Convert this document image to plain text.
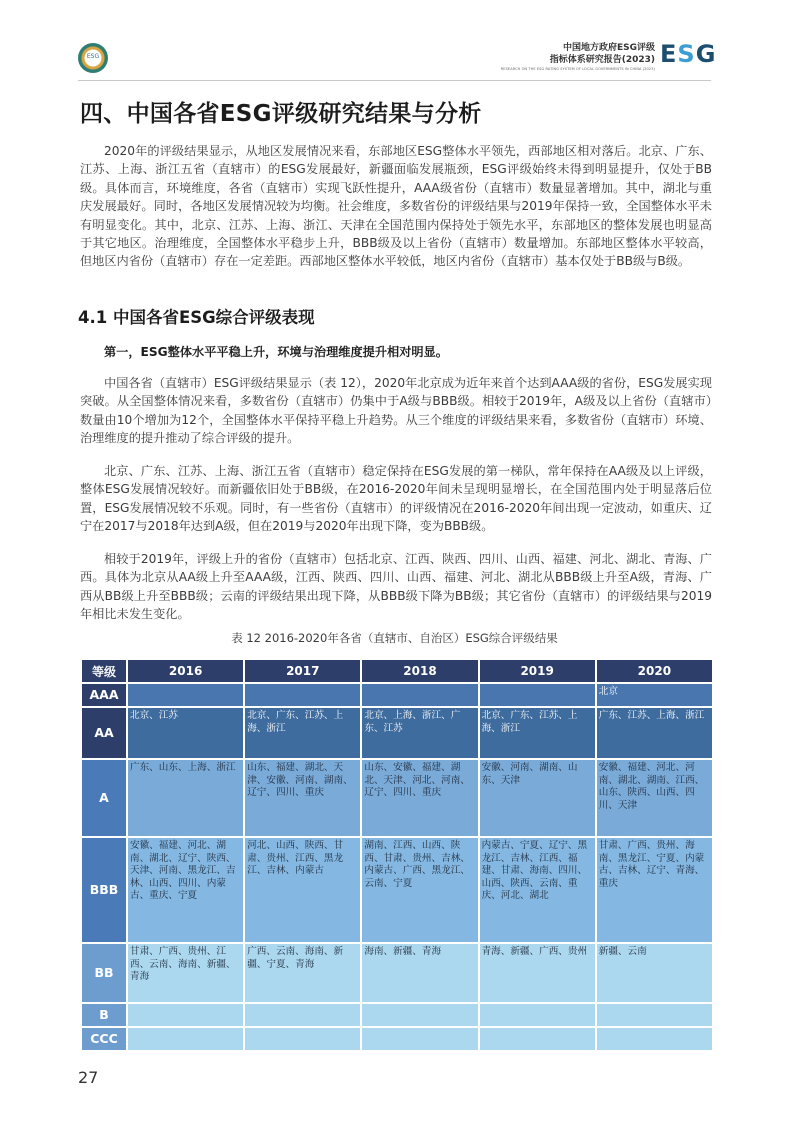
ESG
中国地方政府ESG评级
指标体系研究报告(2023)
RESEARCH ON THE ESG RATING SYSTEM OF LOCAL GOVERNMENTS IN CHINA (2023)
ESG
四、中国各省ESG评级研究结果与分析

2020年的评级结果显示，从地区发展情况来看，东部地区ESG整体水平领先，西部地区相对落后。北京、广东、江苏、上海、浙江五省（直辖市）的ESG发展最好，新疆面临发展瓶颈，ESG评级始终未得到明显提升，仅处于BB级。具体而言，环境维度，各省（直辖市）实现飞跃性提升，AAA级省份（直辖市）数量显著增加。其中，湖北与重庆发展最好。同时，各地区发展情况较为均衡。社会维度，多数省份的评级结果与2019年保持一致，全国整体水平未有明显变化。其中，北京、江苏、上海、浙江、天津在全国范围内保持处于领先水平，东部地区的整体发展也明显高于其它地区。治理维度，全国整体水平稳步上升，BBB级及以上省份（直辖市）数量增加。东部地区整体水平较高，但地区内省份（直辖市）存在一定差距。西部地区整体水平较低，地区内省份（直辖市）基本仅处于BB级与B级。

4.1 中国各省ESG综合评级表现

第一，ESG整体水平平稳上升，环境与治理维度提升相对明显。

中国各省（直辖市）ESG评级结果显示（表 12），2020年北京成为近年来首个达到AAA级的省份，ESG发展实现突破。从全国整体情况来看，多数省份（直辖市）仍集中于A级与BBB级。相较于2019年，A级及以上省份（直辖市）数量由10个增加为12个，全国整体水平保持平稳上升趋势。从三个维度的评级结果来看，多数省份（直辖市）环境、治理维度的提升推动了综合评级的提升。

北京、广东、江苏、上海、浙江五省（直辖市）稳定保持在ESG发展的第一梯队，常年保持在AA级及以上评级，整体ESG发展情况较好。而新疆依旧处于BB级，在2016-2020年间未呈现明显增长，在全国范围内处于明显落后位置，ESG发展情况较不乐观。同时，有一些省份（直辖市）的评级情况在2016-2020年间出现一定波动，如重庆、辽宁在2017与2018年达到A级，但在2019与2020年出现下降，变为BBB级。

相较于2019年，评级上升的省份（直辖市）包括北京、江西、陕西、四川、山西、福建、河北、湖北、青海、广西。具体为北京从AA级上升至AAA级，江西、陕西、四川、山西、福建、河北、湖北从BBB级上升至A级，青海、广西从BB级上升至BBB级；云南的评级结果出现下降，从BBB级下降为BB级；其它省份（直辖市）的评级结果与2019年相比未发生变化。

表 12 2016-2020年各省（直辖市、自治区）ESG综合评级结果
等级	2016	2017	2018	2019	2020
AAA					北京
AA	北京、江苏	北京、广东、江苏、上海、浙江	北京、上海、浙江、广东、江苏	北京、广东、江苏、上海、浙江	广东、江苏、上海、浙江
A	广东、山东、上海、浙江	山东、福建、湖北、天津、安徽、河南、湖南、辽宁、四川、重庆	山东、安徽、福建、湖北、天津、河北、河南、辽宁、四川、重庆	安徽、河南、湖南、山东、天津	安徽、福建、河北、河南、湖北、湖南、江西、山东、陕西、山西、四川、天津
BBB	安徽、福建、河北、湖南、湖北、辽宁、陕西、天津、河南、黑龙江、吉林、山西、四川、内蒙古、重庆、宁夏	河北、山西、陕西、甘肃、贵州、江西、黑龙江、吉林、内蒙古	湖南、江西、山西、陕西、甘肃、贵州、吉林、内蒙古、广西、黑龙江、云南、宁夏	内蒙古、宁夏、辽宁、黑龙江、吉林、江西、福建、甘肃、海南、四川、山西、陕西、云南、重庆、河北、湖北	甘肃、广西、贵州、海南、黑龙江、宁夏、内蒙古、吉林、辽宁、青海、重庆
BB	甘肃、广西、贵州、江西、云南、海南、新疆、青海	广西、云南、海南、新疆、宁夏、青海	海南、新疆、青海	青海、新疆、广西、贵州	新疆、云南
B					
CCC					
27
